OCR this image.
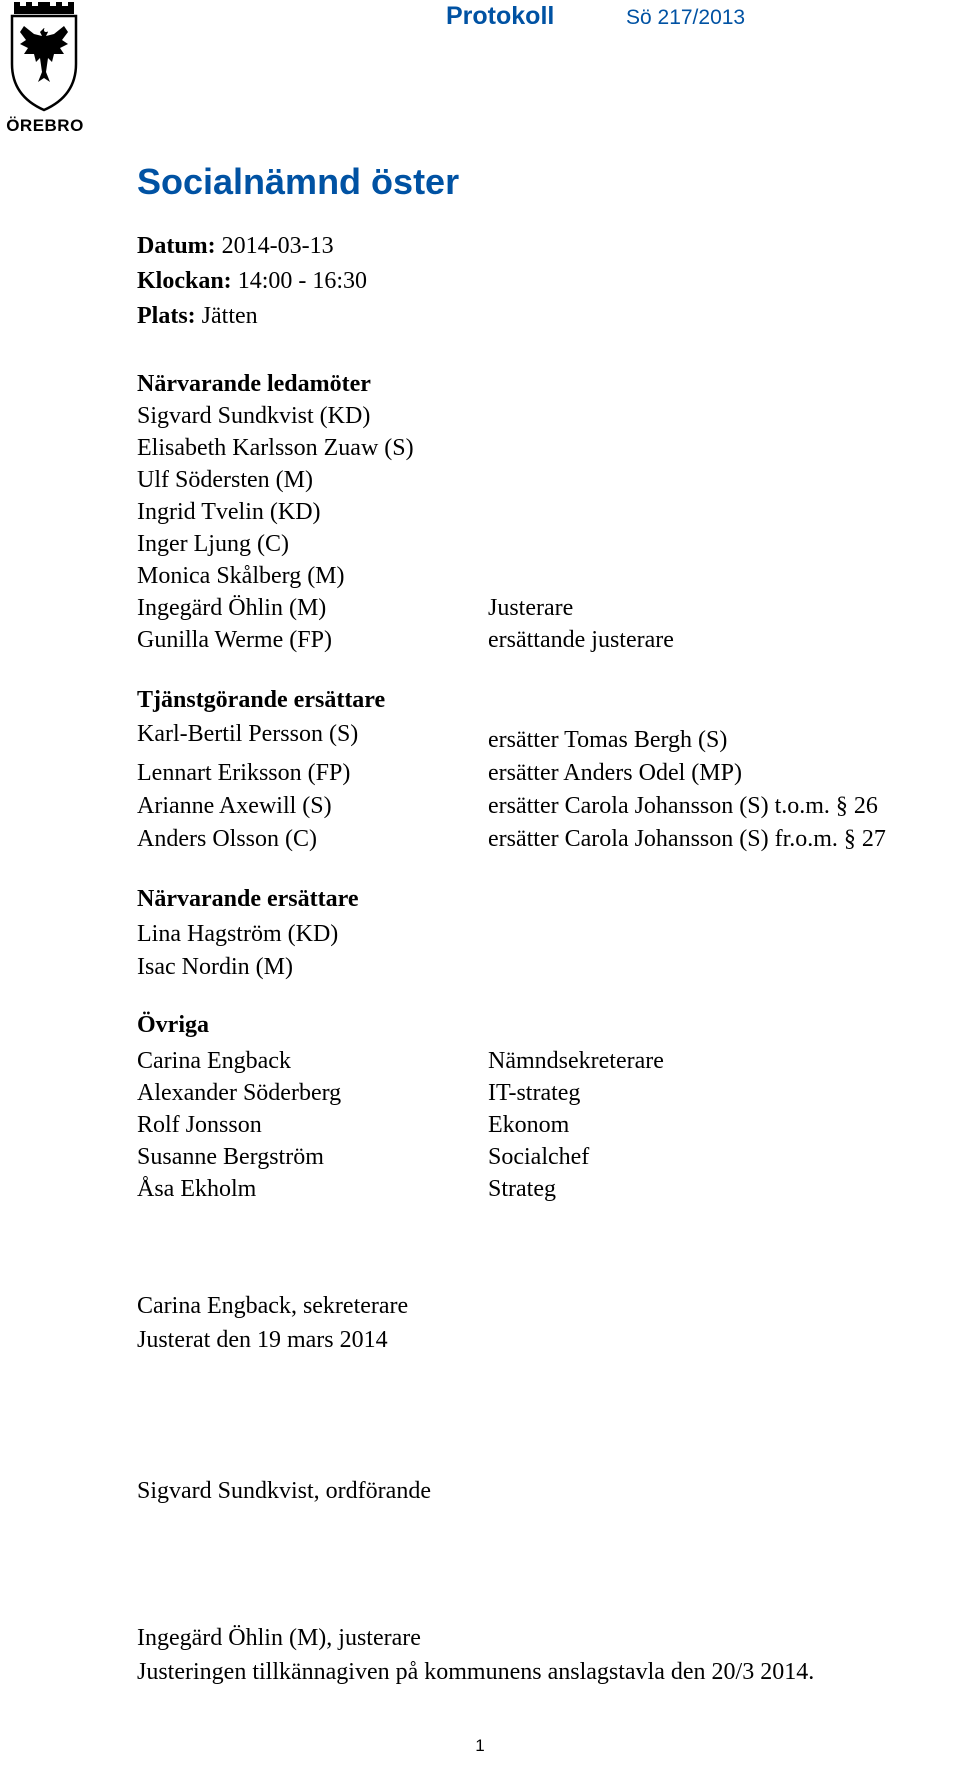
ÖREBRO
Protokoll	Sö 217/2013
Socialnämnd öster
Datum: 2014-03-13
Klockan: 14:00 - 16:30
Plats: Jätten
Närvarande ledamöter
Sigvard Sundkvist (KD)
Elisabeth Karlsson Zuaw (S)
Ulf Södersten (M)
Ingrid Tvelin (KD)
Inger Ljung (C)
Monica Skålberg (M)
Ingegärd Öhlin (M)	Justerare
Gunilla Werme (FP)	ersättande justerare
Tjänstgörande ersättare
Karl-Bertil Persson (S)	ersätter Tomas Bergh (S)
Lennart Eriksson (FP)	ersätter Anders Odel (MP)
Arianne Axewill (S)	ersätter Carola Johansson (S) t.o.m. § 26
Anders Olsson (C)	ersätter Carola Johansson (S) fr.o.m. § 27
Närvarande ersättare
Lina Hagström (KD)
Isac Nordin (M)
Övriga
Carina Engback	Nämndsekreterare
Alexander Söderberg	IT-strateg
Rolf Jonsson	Ekonom
Susanne Bergström	Socialchef
Åsa Ekholm	Strateg
Carina Engback, sekreterare
Justerat den 19 mars 2014
Sigvard Sundkvist, ordförande
Ingegärd Öhlin (M), justerare
Justeringen tillkännagiven på kommunens anslagstavla den 20/3 2014.
1
